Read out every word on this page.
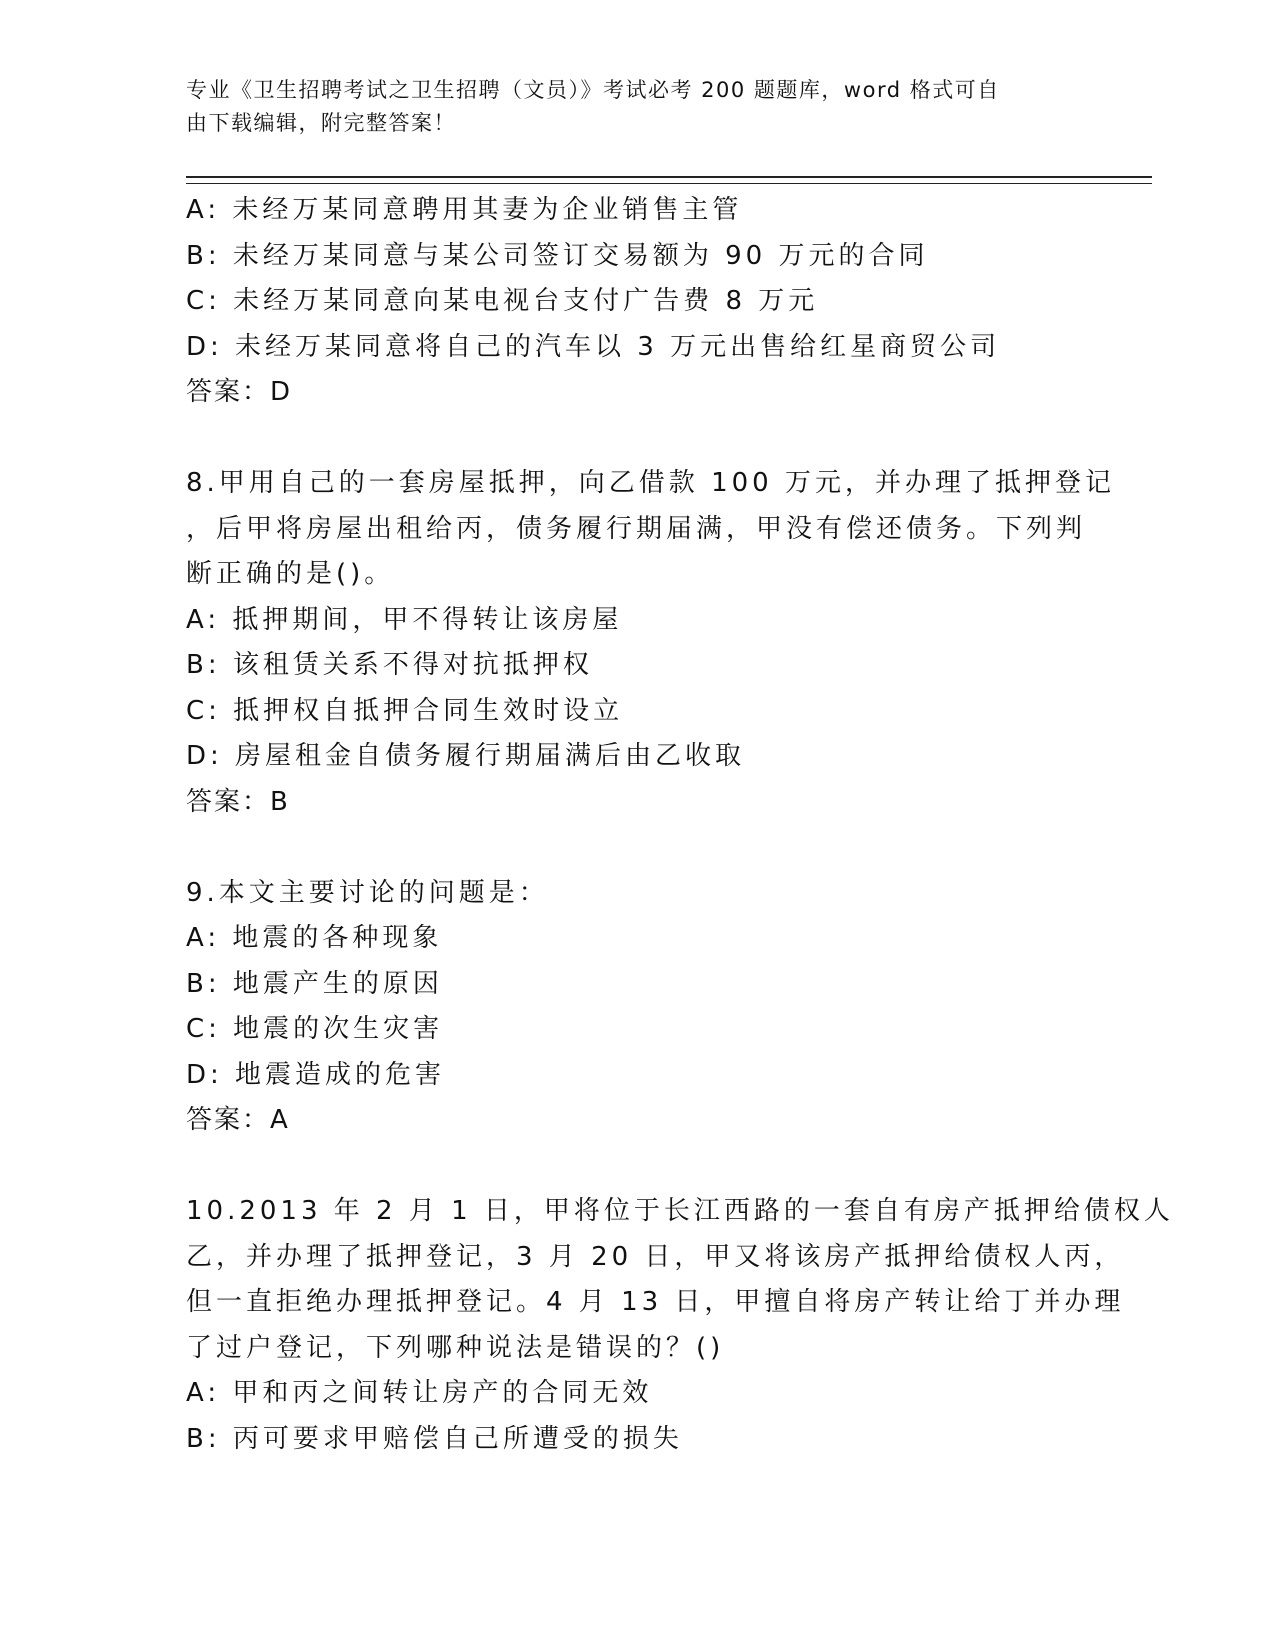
专业《卫生招聘考试之卫生招聘（文员）》考试必考 200 题题库，word 格式可自
由下载编辑，附完整答案！
A: 未经万某同意聘用其妻为企业销售主管
B: 未经万某同意与某公司签订交易额为 90 万元的合同
C: 未经万某同意向某电视台支付广告费 8 万元
D: 未经万某同意将自己的汽车以 3 万元出售给红星商贸公司
答案：D
8.甲用自己的一套房屋抵押，向乙借款 100 万元，并办理了抵押登记
，后甲将房屋出租给丙，债务履行期届满，甲没有偿还债务。下列判
断正确的是()。
A: 抵押期间，甲不得转让该房屋
B: 该租赁关系不得对抗抵押权
C: 抵押权自抵押合同生效时设立
D: 房屋租金自债务履行期届满后由乙收取
答案：B
9.本文主要讨论的问题是：
A: 地震的各种现象
B: 地震产生的原因
C: 地震的次生灾害
D: 地震造成的危害
答案：A
10.2013 年 2 月 1 日，甲将位于长江西路的一套自有房产抵押给债权人
乙，并办理了抵押登记，3 月 20 日，甲又将该房产抵押给债权人丙，
但一直拒绝办理抵押登记。4 月 13 日，甲擅自将房产转让给丁并办理
了过户登记，下列哪种说法是错误的？()
A: 甲和丙之间转让房产的合同无效
B: 丙可要求甲赔偿自己所遭受的损失
